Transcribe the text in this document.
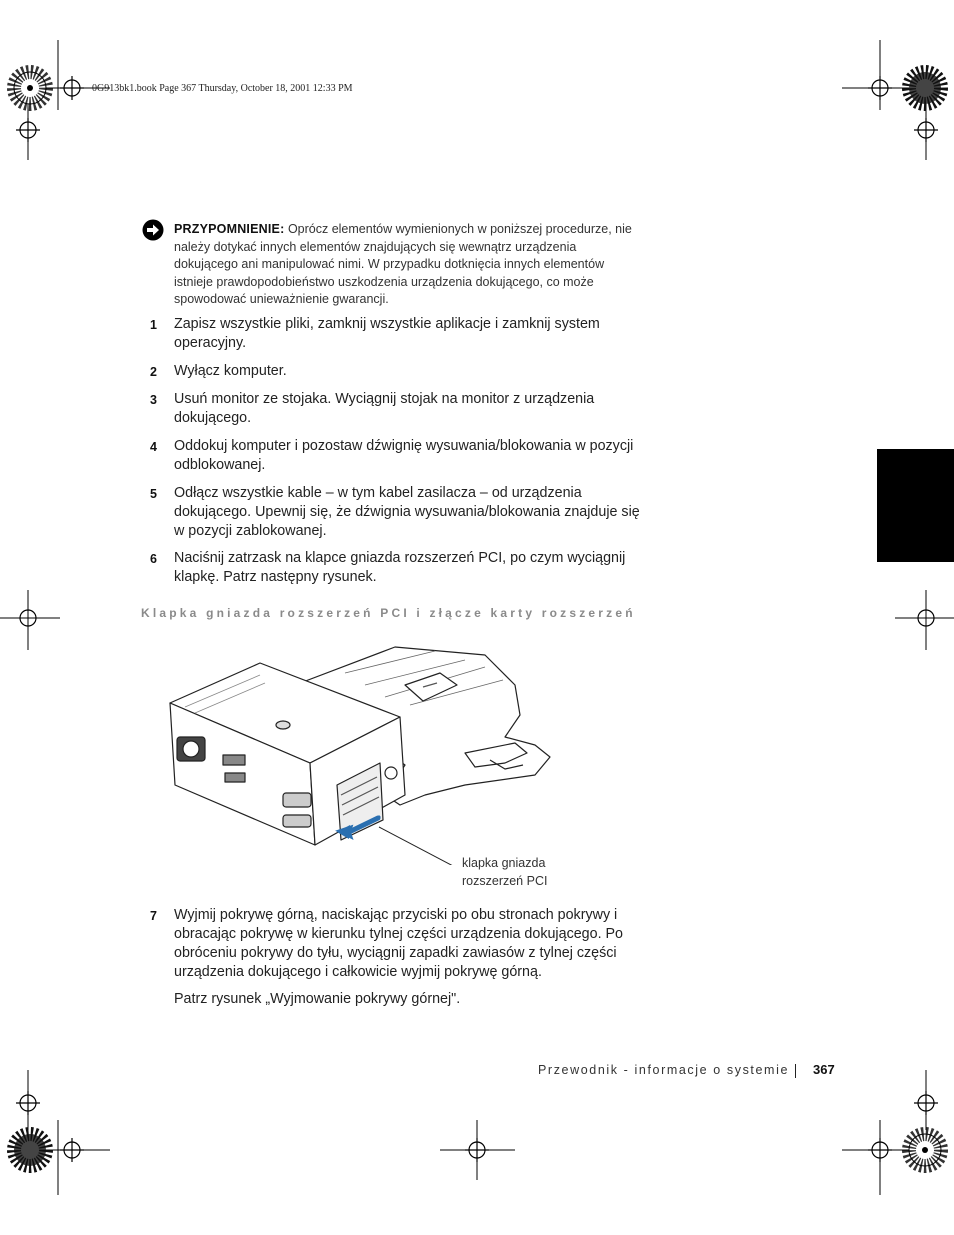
0G913bk1.book Page 367 Thursday, October 18, 2001 12:33 PM
PRZYPOMNIENIE: Oprócz elementów wymienionych w poniższej procedurze, nie należy dotykać innych elementów znajdujących się wewnątrz urządzenia dokującego ani manipulować nimi. W przypadku dotknięcia innych elementów istnieje prawdopodobieństwo uszkodzenia urządzenia dokującego, co może spowodować unieważnienie gwarancji.
1 Zapisz wszystkie pliki, zamknij wszystkie aplikacje i zamknij system operacyjny.
2 Wyłącz komputer.
3 Usuń monitor ze stojaka. Wyciągnij stojak na monitor z urządzenia dokującego.
4 Oddokuj komputer i pozostaw dźwignię wysuwania/blokowania w pozycji odblokowanej.
5 Odłącz wszystkie kable – w tym kabel zasilacza – od urządzenia dokującego. Upewnij się, że dźwignia wysuwania/blokowania znajduje się w pozycji zablokowanej.
6 Naciśnij zatrzask na klapce gniazda rozszerzeń PCI, po czym wyciągnij klapkę. Patrz następny rysunek.
Klapka gniazda rozszerzeń PCI i złącze karty rozszerzeń
klapka gniazda rozszerzeń PCI
7 Wyjmij pokrywę górną, naciskając przyciski po obu stronach pokrywy i obracając pokrywę w kierunku tylnej części urządzenia dokującego. Po obróceniu pokrywy do tyłu, wyciągnij zapadki zawiasów z tylnej części urządzenia dokującego i całkowicie wyjmij pokrywę górną.
Patrz rysunek „Wyjmowanie pokrywy górnej".
Przewodnik - informacje o systemie 367
